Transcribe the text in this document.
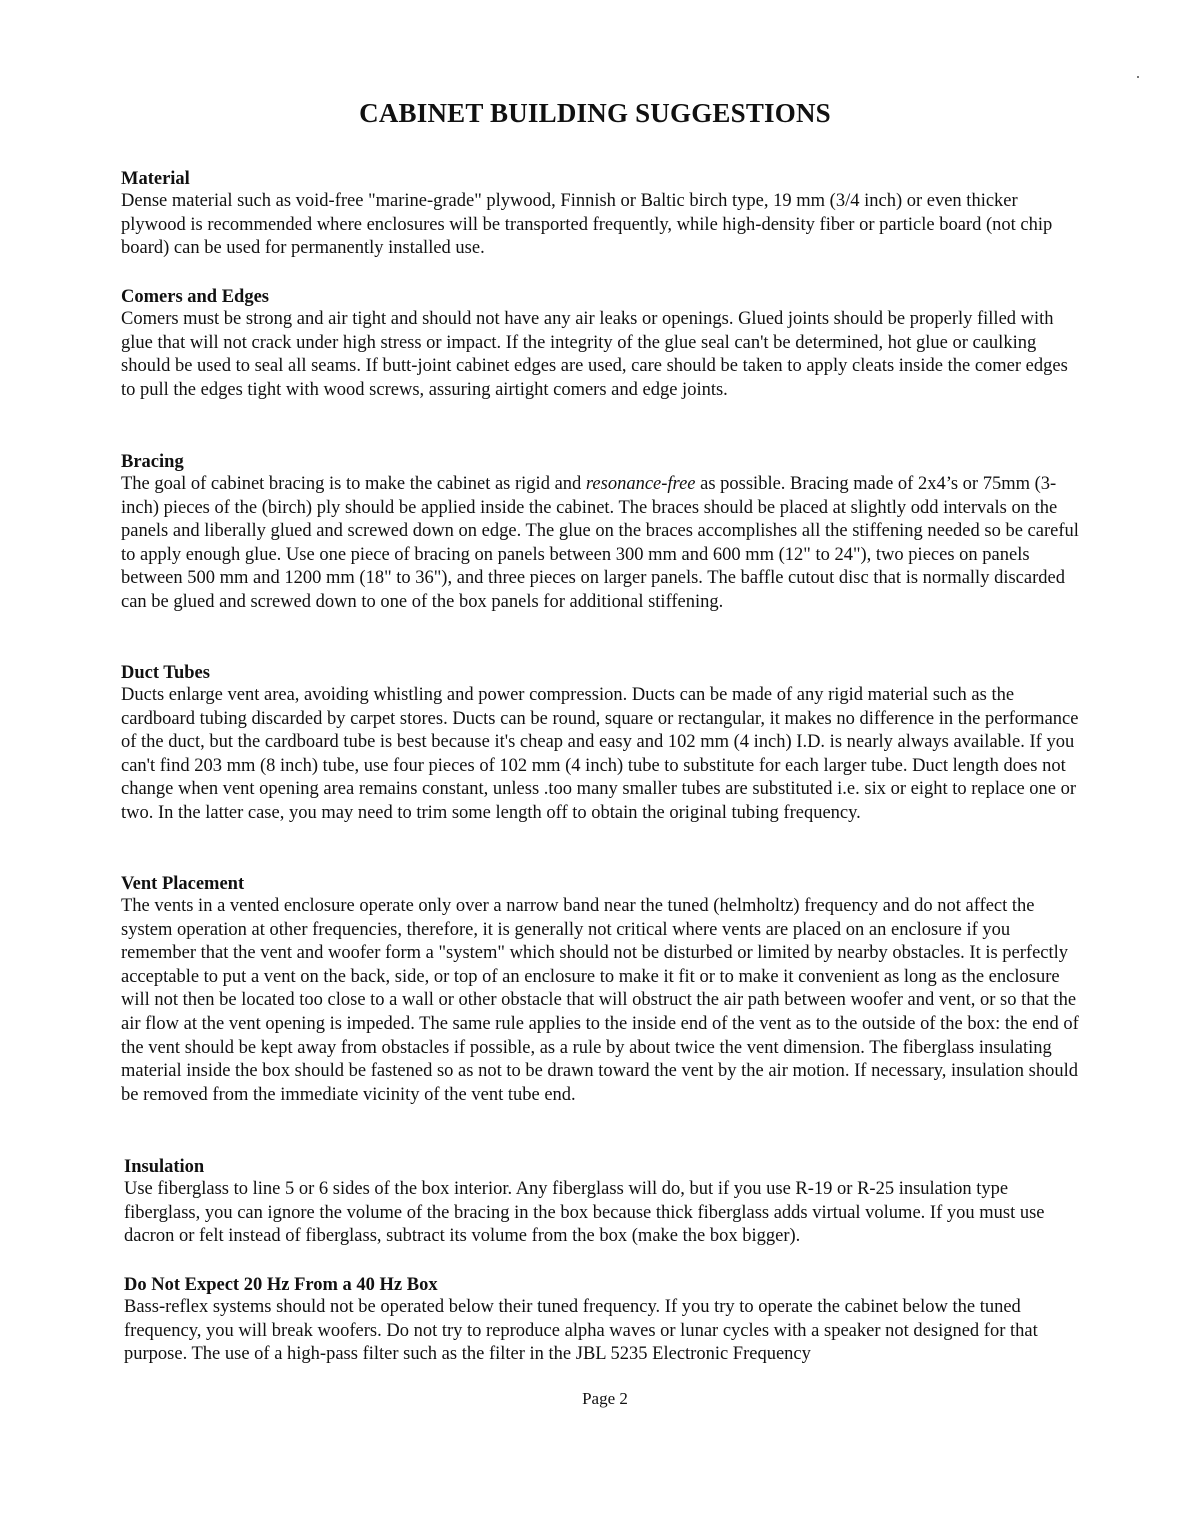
CABINET BUILDING SUGGESTIONS

Material

Dense material such as void-free "marine-grade" plywood, Finnish or Baltic birch type, 19 mm (3/4 inch) or even thicker plywood is recommended where enclosures will be transported frequently, while high-density fiber or particle board (not chip board) can be used for permanently installed use.

Comers and Edges

Comers must be strong and air tight and should not have any air leaks or openings. Glued joints should be properly filled with glue that will not crack under high stress or impact. If the integrity of the glue seal can't be determined, hot glue or caulking should be used to seal all seams. If butt-joint cabinet edges are used, care should be taken to apply cleats inside the comer edges to pull the edges tight with wood screws, assuring airtight comers and edge joints.

Bracing

The goal of cabinet bracing is to make the cabinet as rigid and resonance-free as possible. Bracing made of 2x4’s or 75mm (3-inch) pieces of the (birch) ply should be applied inside the cabinet. The braces should be placed at slightly odd intervals on the panels and liberally glued and screwed down on edge. The glue on the braces accomplishes all the stiffening needed so be careful to apply enough glue. Use one piece of bracing on panels between 300 mm and 600 mm (12" to 24"), two pieces on panels between 500 mm and 1200 mm (18" to 36"), and three pieces on larger panels. The baffle cutout disc that is normally discarded can be glued and screwed down to one of the box panels for additional stiffening.

Duct Tubes

Ducts enlarge vent area, avoiding whistling and power compression. Ducts can be made of any rigid material such as the cardboard tubing discarded by carpet stores. Ducts can be round, square or rectangular, it makes no difference in the performance of the duct, but the cardboard tube is best because it's cheap and easy and 102 mm (4 inch) I.D. is nearly always available. If you can't find 203 mm (8 inch) tube, use four pieces of 102 mm (4 inch) tube to substitute for each larger tube. Duct length does not change when vent opening area remains constant, unless .too many smaller tubes are substituted i.e. six or eight to replace one or two. In the latter case, you may need to trim some length off to obtain the original tubing frequency.

Vent Placement

The vents in a vented enclosure operate only over a narrow band near the tuned (helmholtz) frequency and do not affect the system operation at other frequencies, therefore, it is generally not critical where vents are placed on an enclosure if you remember that the vent and woofer form a "system" which should not be disturbed or limited by nearby obstacles. It is perfectly acceptable to put a vent on the back, side, or top of an enclosure to make it fit or to make it convenient as long as the enclosure will not then be located too close to a wall or other obstacle that will obstruct the air path between woofer and vent, or so that the air flow at the vent opening is impeded. The same rule applies to the inside end of the vent as to the outside of the box: the end of the vent should be kept away from obstacles if possible, as a rule by about twice the vent dimension. The fiberglass insulating material inside the box should be fastened so as not to be drawn toward the vent by the air motion. If necessary, insulation should be removed from the immediate vicinity of the vent tube end.

Insulation

Use fiberglass to line 5 or 6 sides of the box interior. Any fiberglass will do, but if you use R-19 or R-25 insulation type fiberglass, you can ignore the volume of the bracing in the box because thick fiberglass adds virtual volume. If you must use dacron or felt instead of fiberglass, subtract its volume from the box (make the box bigger).

Do Not Expect 20 Hz From a 40 Hz Box

Bass-reflex systems should not be operated below their tuned frequency. If you try to operate the cabinet below the tuned frequency, you will break woofers. Do not try to reproduce alpha waves or lunar cycles with a speaker not designed for that purpose. The use of a high-pass filter such as the filter in the JBL 5235 Electronic Frequency

Page 2
